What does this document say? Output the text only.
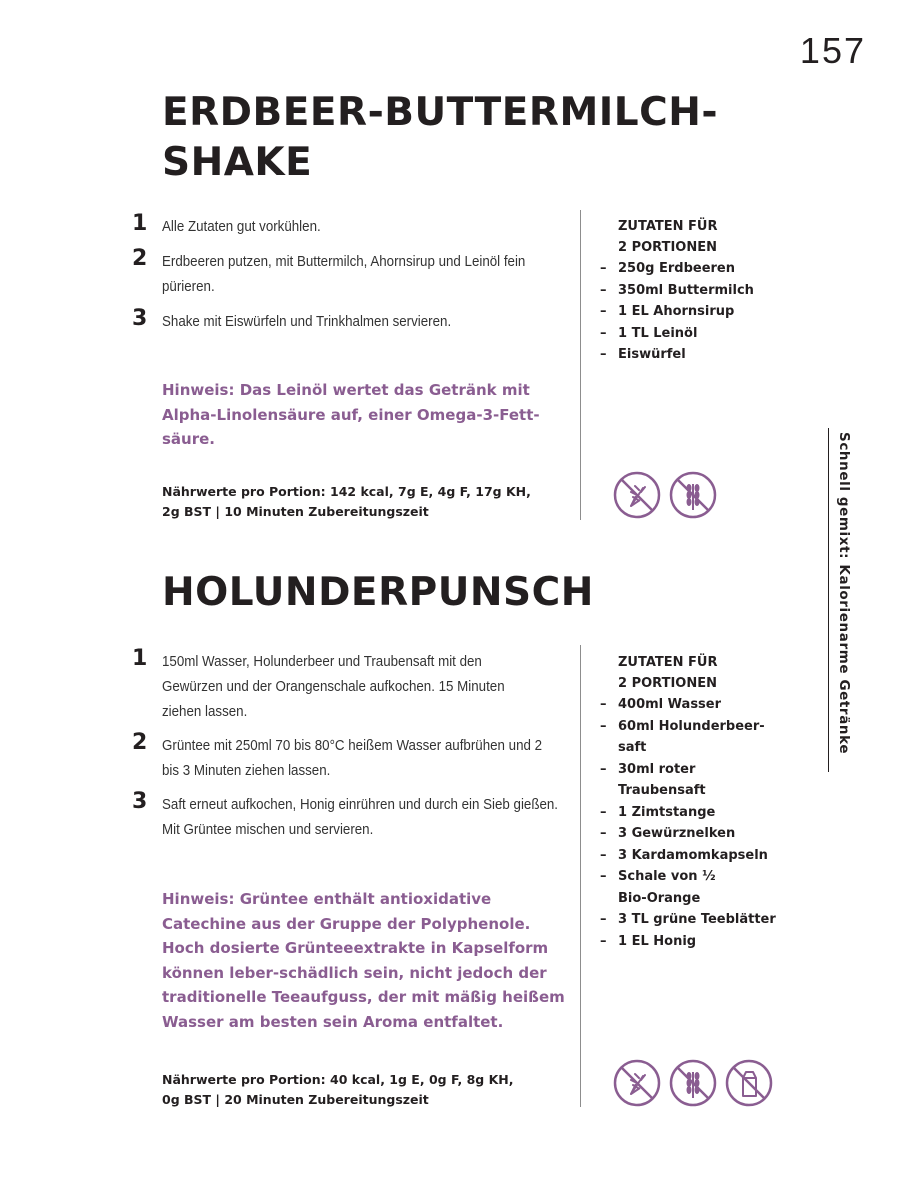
157
ERDBEER-BUTTERMILCH-
SHAKE
1 Alle Zutaten gut vorkühlen.
2 Erdbeeren putzen, mit Buttermilch, Ahornsirup und Leinöl fein pürieren.
3 Shake mit Eiswürfeln und Trinkhalmen servieren.

Hinweis: Das Leinöl wertet das Getränk mit Alpha-Linolensäure auf, einer Omega-3-Fett-säure.

Nährwerte pro Portion: 142 kcal, 7g E, 4g F, 17g KH,
2g BST | 10 Minuten Zubereitungszeit
ZUTATEN FÜR
2 PORTIONEN
– 250g Erdbeeren
– 350ml Buttermilch
– 1 EL Ahornsirup
– 1 TL Leinöl
– Eiswürfel
HOLUNDERPUNSCH
1 150ml Wasser, Holunderbeer und Traubensaft mit den Gewürzen und der Orangenschale aufkochen. 15 Minuten ziehen lassen.
2 Grüntee mit 250ml 70 bis 80°C heißem Wasser aufbrühen und 2 bis 3 Minuten ziehen lassen.
3 Saft erneut aufkochen, Honig einrühren und durch ein Sieb gießen. Mit Grüntee mischen und servieren.

Hinweis: Grüntee enthält antioxidative Catechine aus der Gruppe der Polyphenole. Hoch dosierte Grünteeextrakte in Kapselform können leber-schädlich sein, nicht jedoch der traditionelle Teeaufguss, der mit mäßig heißem Wasser am besten sein Aroma entfaltet.

Nährwerte pro Portion: 40 kcal, 1g E, 0g F, 8g KH,
0g BST | 20 Minuten Zubereitungszeit
ZUTATEN FÜR
2 PORTIONEN
– 400ml Wasser
– 60ml Holunderbeer-saft
– 30ml roter Traubensaft
– 1 Zimtstange
– 3 Gewürznelken
– 3 Kardamomkapseln
– Schale von ½ Bio-Orange
– 3 TL grüne Teeblätter
– 1 EL Honig
Schnell gemixt: Kalorienarme Getränke
